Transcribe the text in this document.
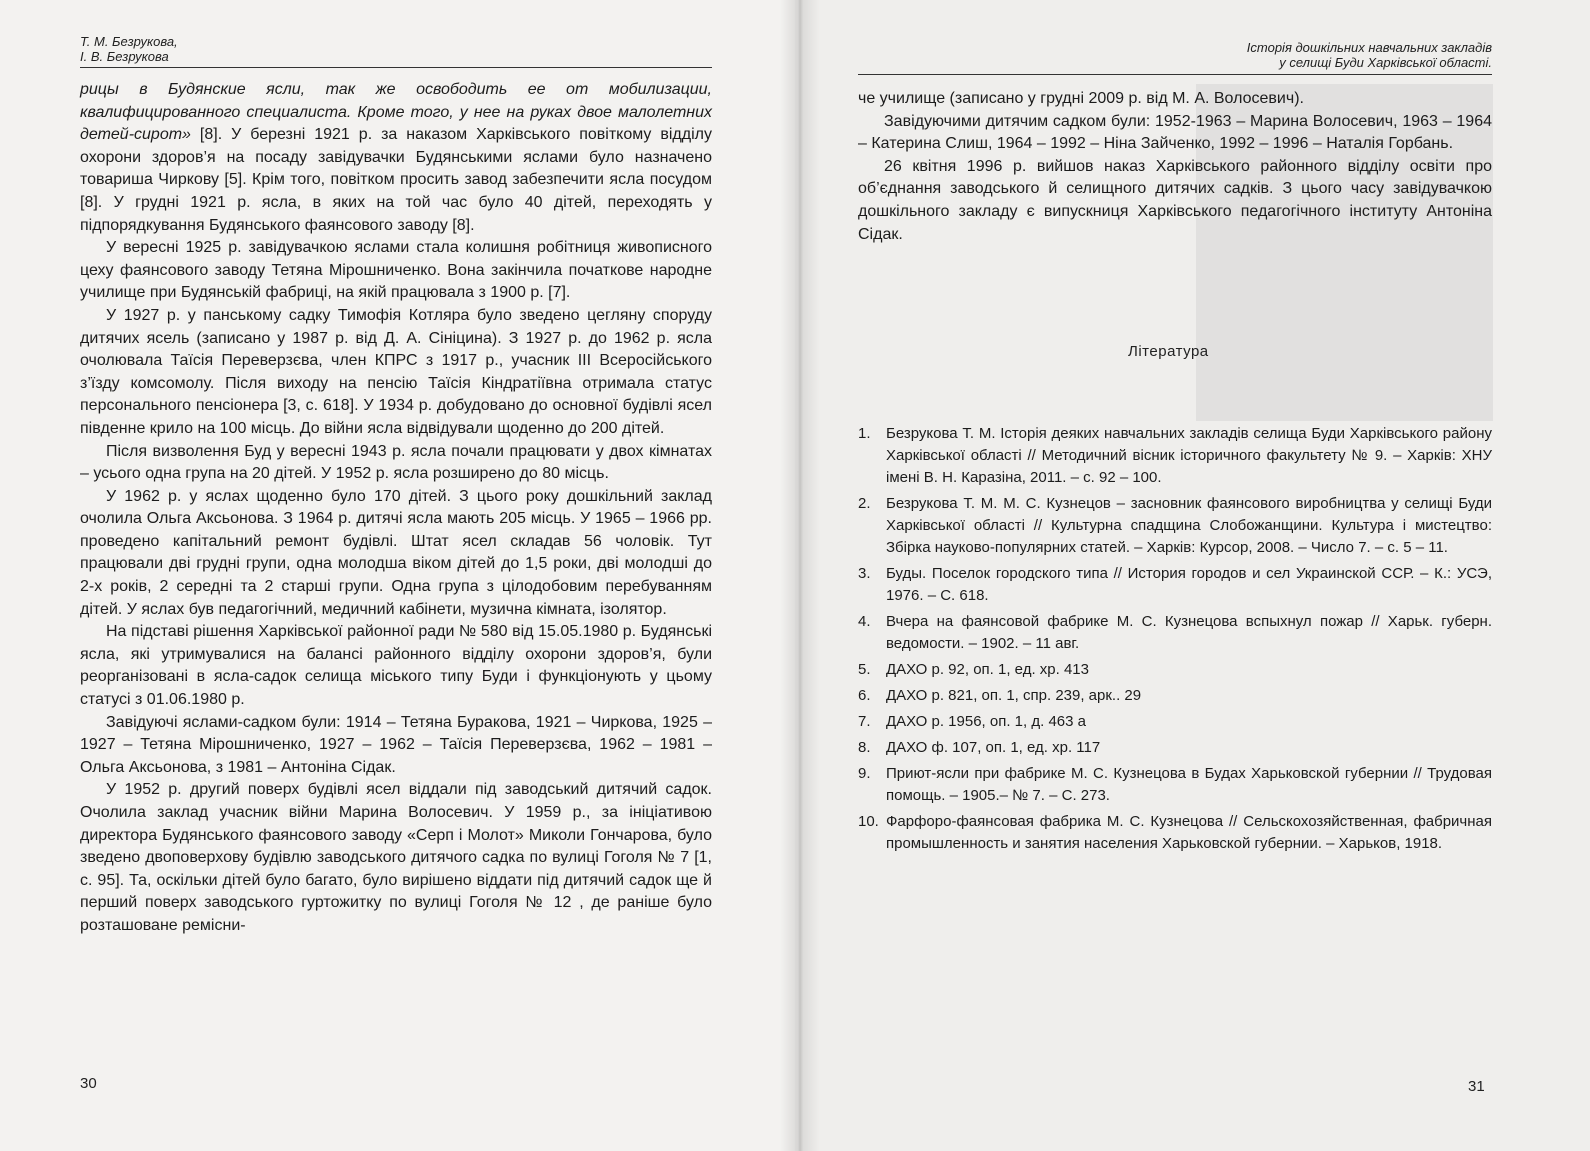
Т. М. Безрукова,
І. В. Безрукова

рицы в Будянские ясли, так же освободить ее от мобилизации, квалифицированного специалиста. Кроме того, у нее на руках двое малолетних детей-сирот» [8]. У березні 1921 р. за наказом Харківського повіткому відділу охорони здоров’я на посаду завідувачки Будянськими яслами було назначено товариша Чиркову [5]. Крім того, повітком просить завод забезпечити ясла посудом [8]. У грудні 1921 р. ясла, в яких на той час було 40 дітей, переходять у підпорядкування Будянського фаянсового заводу [8].

У вересні 1925 р. завідувачкою яслами стала колишня робітниця живописного цеху фаянсового заводу Тетяна Мірошниченко. Вона закінчила початкове народне училище при Будянській фабриці, на якій працювала з 1900 р. [7].

У 1927 р. у панському садку Тимофія Котляра було зведено цегляну споруду дитячих ясель (записано у 1987 р. від Д. А. Сініцина). З 1927 р. до 1962 р. ясла очолювала Таїсія Переверзєва, член КПРС з 1917 р., учасник III Всеросійського з’їзду комсомолу. Після виходу на пенсію Таїсія Кіндратіївна отримала статус персонального пенсіонера [3, с. 618]. У 1934 р. добудовано до основної будівлі ясел південне крило на 100 місць. До війни ясла відвідували щоденно до 200 дітей.

Після визволення Буд у вересні 1943 р. ясла почали працювати у двох кімнатах – усього одна група на 20 дітей. У 1952 р. ясла розширено до 80 місць.

У 1962 р. у яслах щоденно було 170 дітей. З цього року дошкільний заклад очолила Ольга Аксьонова. З 1964 р. дитячі ясла мають 205 місць. У 1965 – 1966 рр. проведено капітальний ремонт будівлі. Штат ясел складав 56 чоловік. Тут працювали дві грудні групи, одна молодша віком дітей до 1,5 роки, дві молодші до 2-х років, 2 середні та 2 старші групи. Одна група з цілодобовим перебуванням дітей. У яслах був педагогічний, медичний кабінети, музична кімната, ізолятор.

На підставі рішення Харківської районної ради № 580 від 15.05.1980 р. Будянські ясла, які утримувалися на балансі районного відділу охорони здоров’я, були реорганізовані в ясла-садок селища міського типу Буди і функціонують у цьому статусі з 01.06.1980 р.

Завідуючі яслами-садком були: 1914 – Тетяна Буракова, 1921 – Чиркова, 1925 – 1927 – Тетяна Мірошниченко, 1927 – 1962 – Таїсія Переверзєва, 1962 – 1981 – Ольга Аксьонова, з 1981 – Антоніна Сідак.

У 1952 р. другий поверх будівлі ясел віддали під заводський дитячий садок. Очолила заклад учасник війни Марина Волосевич. У 1959 р., за ініціативою директора Будянського фаянсового заводу «Серп і Молот» Миколи Гончарова, було зведено двоповерхову будівлю заводського дитячого садка по вулиці Гоголя № 7 [1, с. 95]. Та, оскільки дітей було багато, було вирішено віддати під дитячий садок ще й перший поверх заводського гуртожитку по вулиці Гоголя № 12 , де раніше було розташоване ремісни-

30
Історія дошкільних навчальних закладів
у селищі Буди Харківської області.

че училище (записано у грудні 2009 р. від М. А. Волосевич).

Завідуючими дитячим садком були: 1952-1963 – Марина Волосевич, 1963 – 1964 – Катерина Слиш, 1964 – 1992 – Ніна Зайченко, 1992 – 1996 – Наталія Горбань.

26 квітня 1996 р. вийшов наказ Харківського районного відділу освіти про об’єднання заводського й селищного дитячих садків. З цього часу завідувачкою дошкільного закладу є випускниця Харківського педагогічного інституту Антоніна Сідак.

Література
1.	Безрукова Т. М. Історія деяких навчальних закладів селища Буди Харківського району Харківської області // Методичний вісник історичного факультету № 9. – Харків: ХНУ імені В. Н. Каразіна, 2011. – с. 92 – 100.
2.	Безрукова Т. М. М. С. Кузнецов – засновник фаянсового виробництва у селищі Буди Харківської області // Культурна спадщина Слобожанщини. Культура і мистецтво: Збірка науково-популярних статей. – Харків: Курсор, 2008. – Число 7. – с. 5 – 11.
3.	Буды. Поселок городского типа // История городов и сел Украинской ССР. – К.: УСЭ, 1976. – С. 618.
4.	Вчера на фаянсовой фабрике М. С. Кузнецова вспыхнул пожар // Харьк. губерн. ведомости. – 1902. – 11 авг.
5.	ДАХО р. 92, оп. 1, ед. хр. 413
6.	ДАХО р. 821, оп. 1, спр. 239, арк.. 29
7.	ДАХО р. 1956, оп. 1, д. 463 а
8.	ДАХО ф. 107, оп. 1, ед. хр. 117
9.	Приют-ясли при фабрике М. С. Кузнецова в Будах Харьковской губернии // Трудовая помощь. – 1905.– № 7. – С. 273.
10. Фарфоро-фаянсовая фабрика М. С. Кузнецова // Сельскохозяйственная, фабричная промышленность и занятия населения Харьковской губернии. – Харьков, 1918.
31
